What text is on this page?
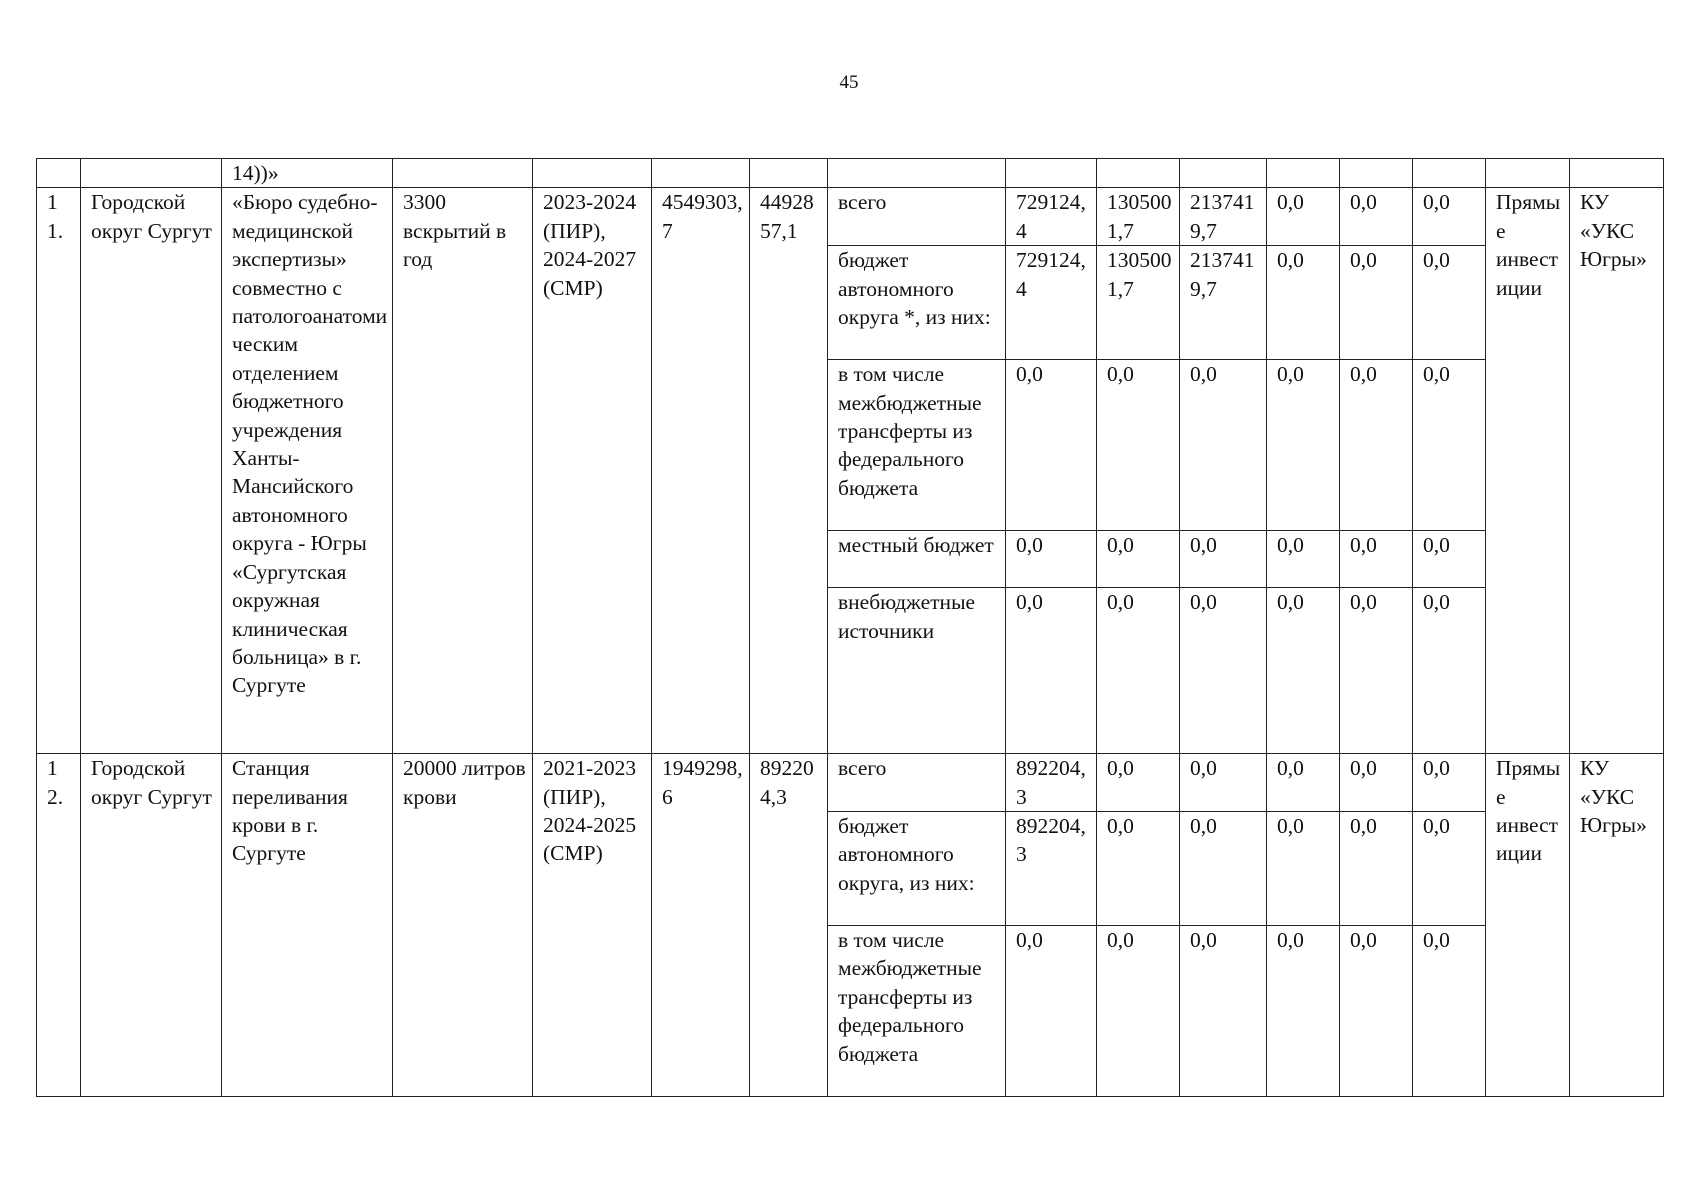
45
		14))»													
1
1.	Городской округ Сургут	«Бюро судебно-медицинской экспертизы» совместно с патологоанатомическим отделением бюджетного учреждения Ханты-Мансийского автономного округа - Югры «Сургутская окружная клиническая больница» в г. Сургуте	3300 вскрытий в год	2023-2024 (ПИР), 2024-2027 (СМР)	4549303,7	4492857,1	всего	729124,4	1305001,7	2137419,7	0,0	0,0	0,0	Прямые инвестиции	КУ «УКС Югры»
							бюджет автономного округа *, из них:	729124,4	1305001,7	2137419,7	0,0	0,0	0,0		
							в том числе межбюджетные трансферты из федерального бюджета	0,0	0,0	0,0	0,0	0,0	0,0		
							местный бюджет	0,0	0,0	0,0	0,0	0,0	0,0		
							внебюджетные источники	0,0	0,0	0,0	0,0	0,0	0,0		
1
2.	Городской округ Сургут	Станция переливания крови в г. Сургуте	20000 литров крови	2021-2023 (ПИР), 2024-2025 (СМР)	1949298,6	892204,3	всего	892204,3	0,0	0,0	0,0	0,0	0,0	Прямые инвестиции	КУ «УКС Югры»
							бюджет автономного округа, из них:	892204,3	0,0	0,0	0,0	0,0	0,0		
							в том числе межбюджетные трансферты из федерального бюджета	0,0	0,0	0,0	0,0	0,0	0,0		
